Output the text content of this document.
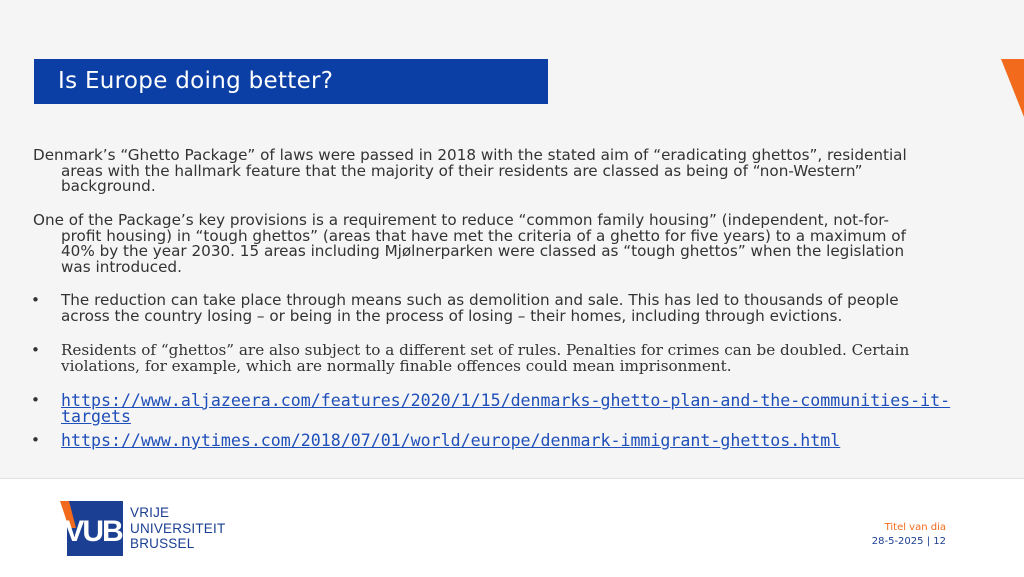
Is Europe doing better?
Denmark’s “Ghetto Package” of laws were passed in 2018 with the stated aim of “eradicating ghettos”, residential
areas with the hallmark feature that the majority of their residents are classed as being of “non-Western”
background.
One of the Package’s key provisions is a requirement to reduce “common family housing” (independent, not-for-
profit housing) in “tough ghettos” (areas that have met the criteria of a ghetto for five years) to a maximum of
40% by the year 2030. 15 areas including Mjølnerparken were classed as “tough ghettos” when the legislation
was introduced.
• The reduction can take place through means such as demolition and sale. This has led to thousands of people
across the country losing – or being in the process of losing – their homes, including through evictions.
• Residents of “ghettos” are also subject to a different set of rules. Penalties for crimes can be doubled. Certain
violations, for example, which are normally finable offences could mean imprisonment.
• https://www.aljazeera.com/features/2020/1/15/denmarks-ghetto-plan-and-the-communities-it-
targets
• https://www.nytimes.com/2018/07/01/world/europe/denmark-immigrant-ghettos.html
VUB
VRIJE
UNIVERSITEIT
BRUSSEL
Titel van dia
28-5-2025 | 12
